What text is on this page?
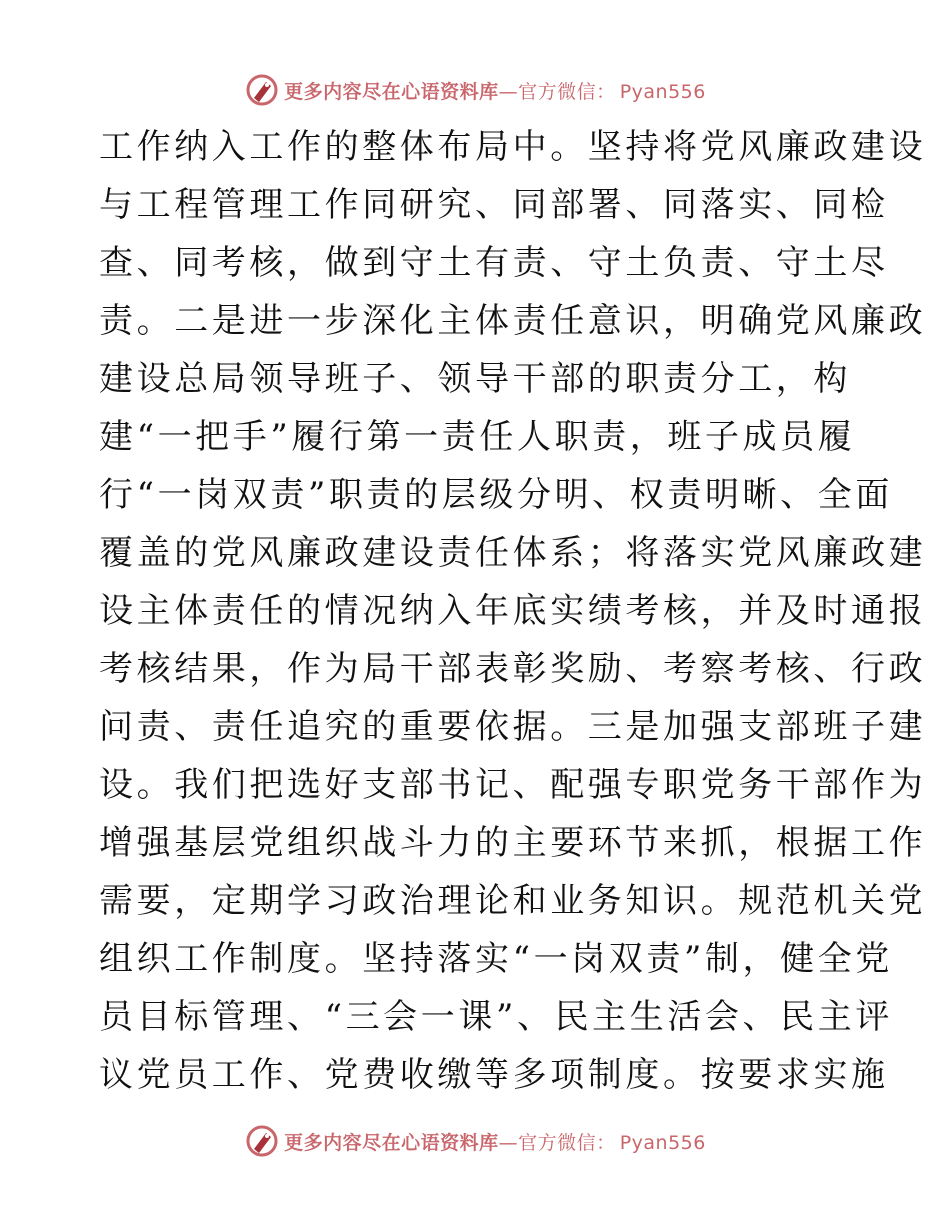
更多内容尽在心语资料库—官方微信： Pyan556
工作纳入工作的整体布局中。坚持将党风廉政建设
与工程管理工作同研究、同部署、同落实、同检
查、同考核，做到守土有责、守土负责、守土尽
责。二是进一步深化主体责任意识，明确党风廉政
建设总局领导班子、领导干部的职责分工，构
建“一把手”履行第一责任人职责，班子成员履
行“一岗双责”职责的层级分明、权责明晰、全面
覆盖的党风廉政建设责任体系；将落实党风廉政建
设主体责任的情况纳入年底实绩考核，并及时通报
考核结果，作为局干部表彰奖励、考察考核、行政
问责、责任追究的重要依据。三是加强支部班子建
设。我们把选好支部书记、配强专职党务干部作为
增强基层党组织战斗力的主要环节来抓，根据工作
需要，定期学习政治理论和业务知识。规范机关党
组织工作制度。坚持落实“一岗双责”制，健全党
员目标管理、“三会一课”、民主生活会、民主评
议党员工作、党费收缴等多项制度。按要求实施
更多内容尽在心语资料库—官方微信： Pyan556
